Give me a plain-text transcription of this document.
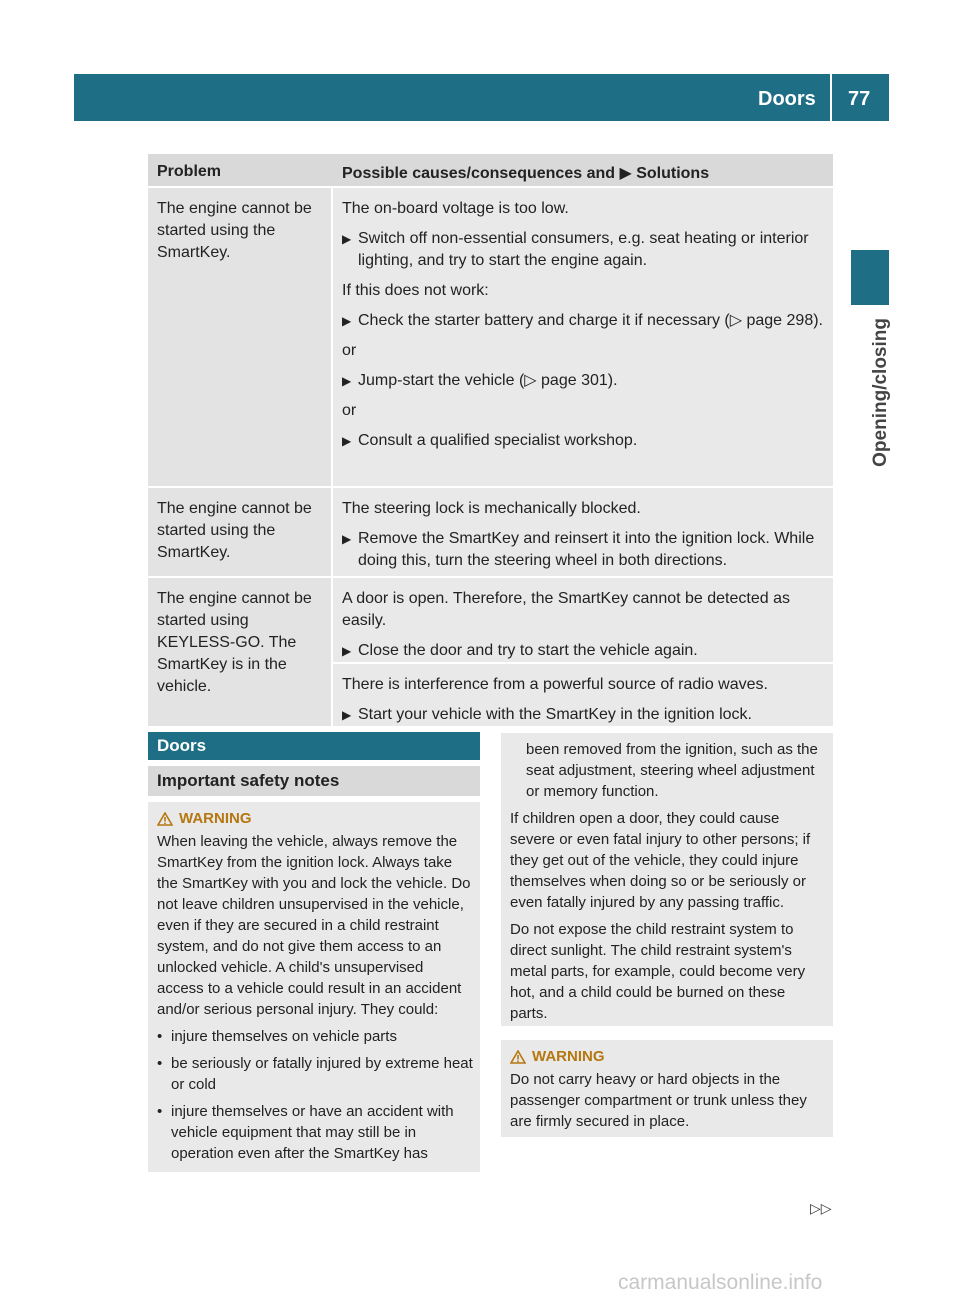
Doors 77
Opening/closing
Problem	Possible causes/consequences and ▶ Solutions
The engine cannot be started using the SmartKey.
The on-board voltage is too low.
▶ Switch off non-essential consumers, e.g. seat heating or interior lighting, and try to start the engine again.
If this does not work:
▶ Check the starter battery and charge it if necessary (▷ page 298).
or
▶ Jump-start the vehicle (▷ page 301).
or
▶ Consult a qualified specialist workshop.
The engine cannot be started using the SmartKey.
The steering lock is mechanically blocked.
▶ Remove the SmartKey and reinsert it into the ignition lock. While doing this, turn the steering wheel in both directions.
The engine cannot be started using KEYLESS-GO. The SmartKey is in the vehicle.
A door is open. Therefore, the SmartKey cannot be detected as easily.
▶ Close the door and try to start the vehicle again.
There is interference from a powerful source of radio waves.
▶ Start your vehicle with the SmartKey in the ignition lock.
Doors
Important safety notes
WARNING
When leaving the vehicle, always remove the SmartKey from the ignition lock. Always take the SmartKey with you and lock the vehicle. Do not leave children unsupervised in the vehicle, even if they are secured in a child restraint system, and do not give them access to an unlocked vehicle. A child's unsupervised access to a vehicle could result in an accident and/or serious personal injury. They could:
• injure themselves on vehicle parts
• be seriously or fatally injured by extreme heat or cold
• injure themselves or have an accident with vehicle equipment that may still be in operation even after the SmartKey has
been removed from the ignition, such as the seat adjustment, steering wheel adjustment or memory function.
If children open a door, they could cause severe or even fatal injury to other persons; if they get out of the vehicle, they could injure themselves when doing so or be seriously or even fatally injured by any passing traffic.
Do not expose the child restraint system to direct sunlight. The child restraint system's metal parts, for example, could become very hot, and a child could be burned on these parts.
WARNING
Do not carry heavy or hard objects in the passenger compartment or trunk unless they are firmly secured in place.
▷▷
carmanualsonline.info
